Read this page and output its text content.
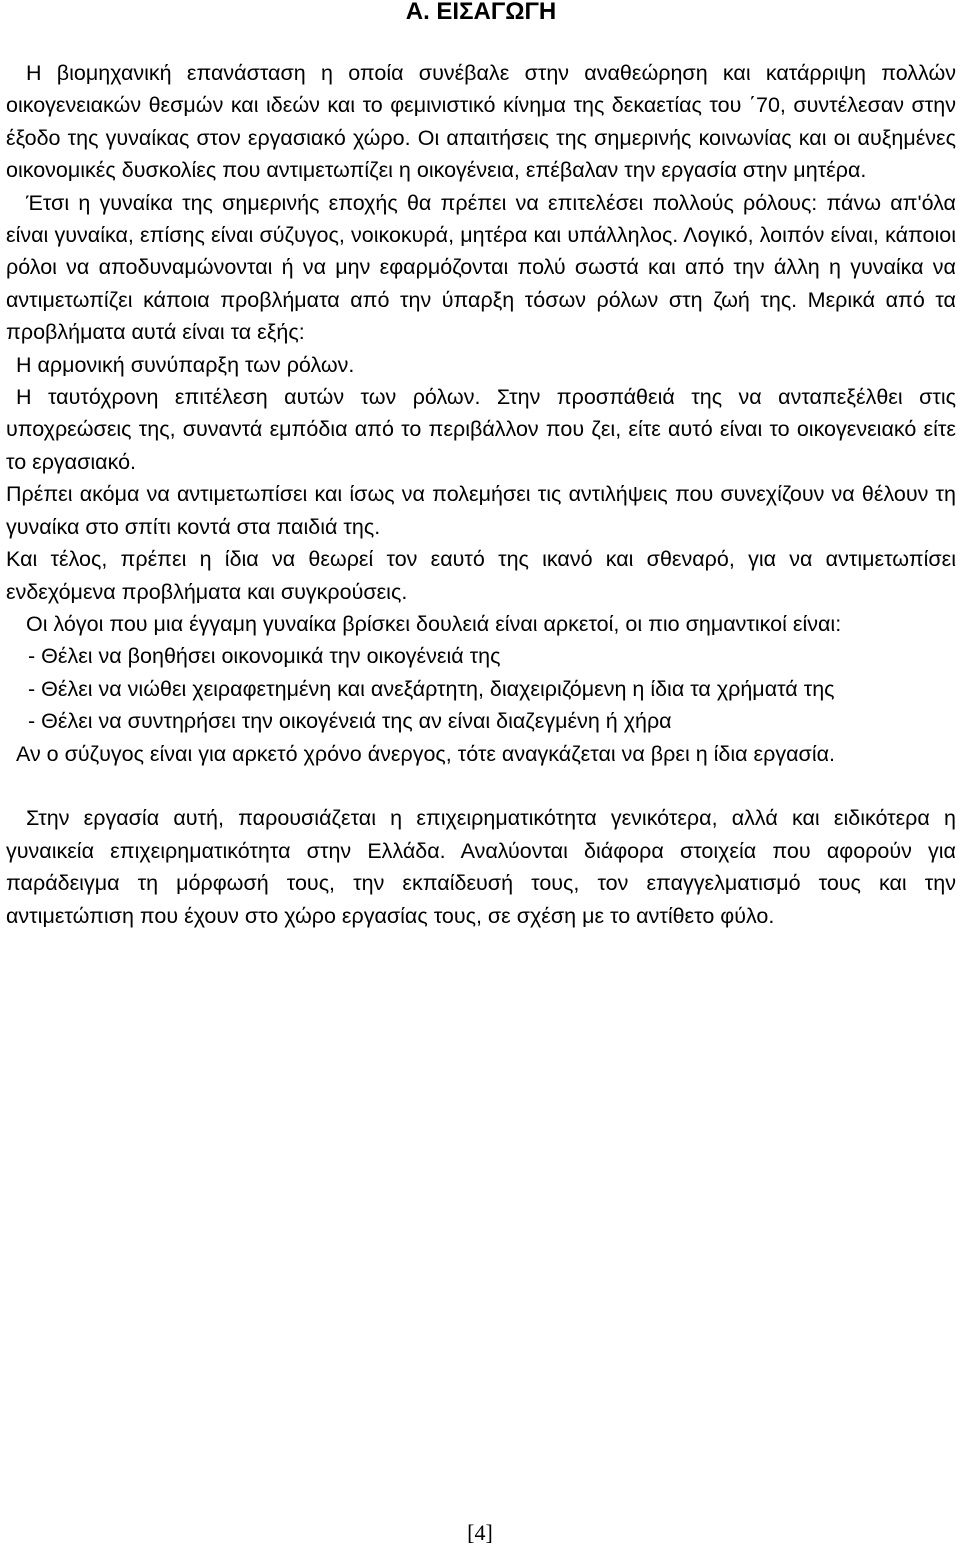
Α. ΕΙΣΑΓΩΓΗ

Η βιομηχανική επανάσταση η οποία συνέβαλε στην αναθεώρηση και κατάρριψη πολλών οικογενειακών θεσμών και ιδεών και το φεμινιστικό κίνημα της δεκαετίας του ΄70, συντέλεσαν στην έξοδο της γυναίκας στον εργασιακό χώρο. Οι απαιτήσεις της σημερινής κοινωνίας και οι αυξημένες οικονομικές δυσκολίες που αντιμετωπίζει η οικογένεια, επέβαλαν την εργασία στην μητέρα.

Έτσι η γυναίκα της σημερινής εποχής θα πρέπει να επιτελέσει πολλούς ρόλους: πάνω απ'όλα είναι γυναίκα, επίσης είναι σύζυγος, νοικοκυρά, μητέρα και υπάλληλος. Λογικό, λοιπόν είναι, κάποιοι ρόλοι να αποδυναμώνονται ή να μην εφαρμόζονται πολύ σωστά και από την άλλη η γυναίκα να αντιμετωπίζει κάποια προβλήματα από την ύπαρξη τόσων ρόλων στη ζωή της. Μερικά από τα προβλήματα αυτά είναι τα εξής:

Η αρμονική συνύπαρξη των ρόλων.

Η ταυτόχρονη επιτέλεση αυτών των ρόλων. Στην προσπάθειά της να ανταπεξέλθει στις υποχρεώσεις της, συναντά εμπόδια από το περιβάλλον που ζει, είτε αυτό είναι το οικογενειακό είτε το εργασιακό.

Πρέπει ακόμα να αντιμετωπίσει και ίσως να πολεμήσει τις αντιλήψεις που συνεχίζουν να θέλουν τη γυναίκα στο σπίτι κοντά στα παιδιά της.

Και τέλος, πρέπει η ίδια να θεωρεί τον εαυτό της ικανό και σθεναρό, για να αντιμετωπίσει ενδεχόμενα προβλήματα και συγκρούσεις.

Οι λόγοι που μια έγγαμη γυναίκα βρίσκει δουλειά είναι αρκετοί, οι πιο σημαντικοί είναι:

- Θέλει να βοηθήσει οικονομικά την οικογένειά της

- Θέλει να νιώθει χειραφετημένη και ανεξάρτητη, διαχειριζόμενη η ίδια τα χρήματά της

- Θέλει να συντηρήσει την οικογένειά της αν είναι διαζεγμένη ή χήρα

Αν ο σύζυγος είναι για αρκετό χρόνο άνεργος, τότε αναγκάζεται να βρει η ίδια εργασία.

Στην εργασία αυτή, παρουσιάζεται η επιχειρηματικότητα γενικότερα, αλλά και ειδικότερα η γυναικεία επιχειρηματικότητα στην Ελλάδα. Αναλύονται διάφορα στοιχεία που αφορούν για παράδειγμα τη μόρφωσή τους, την εκπαίδευσή τους, τον επαγγελματισμό τους και την αντιμετώπιση που έχουν στο χώρο εργασίας τους, σε σχέση με το αντίθετο φύλο.

[4]
